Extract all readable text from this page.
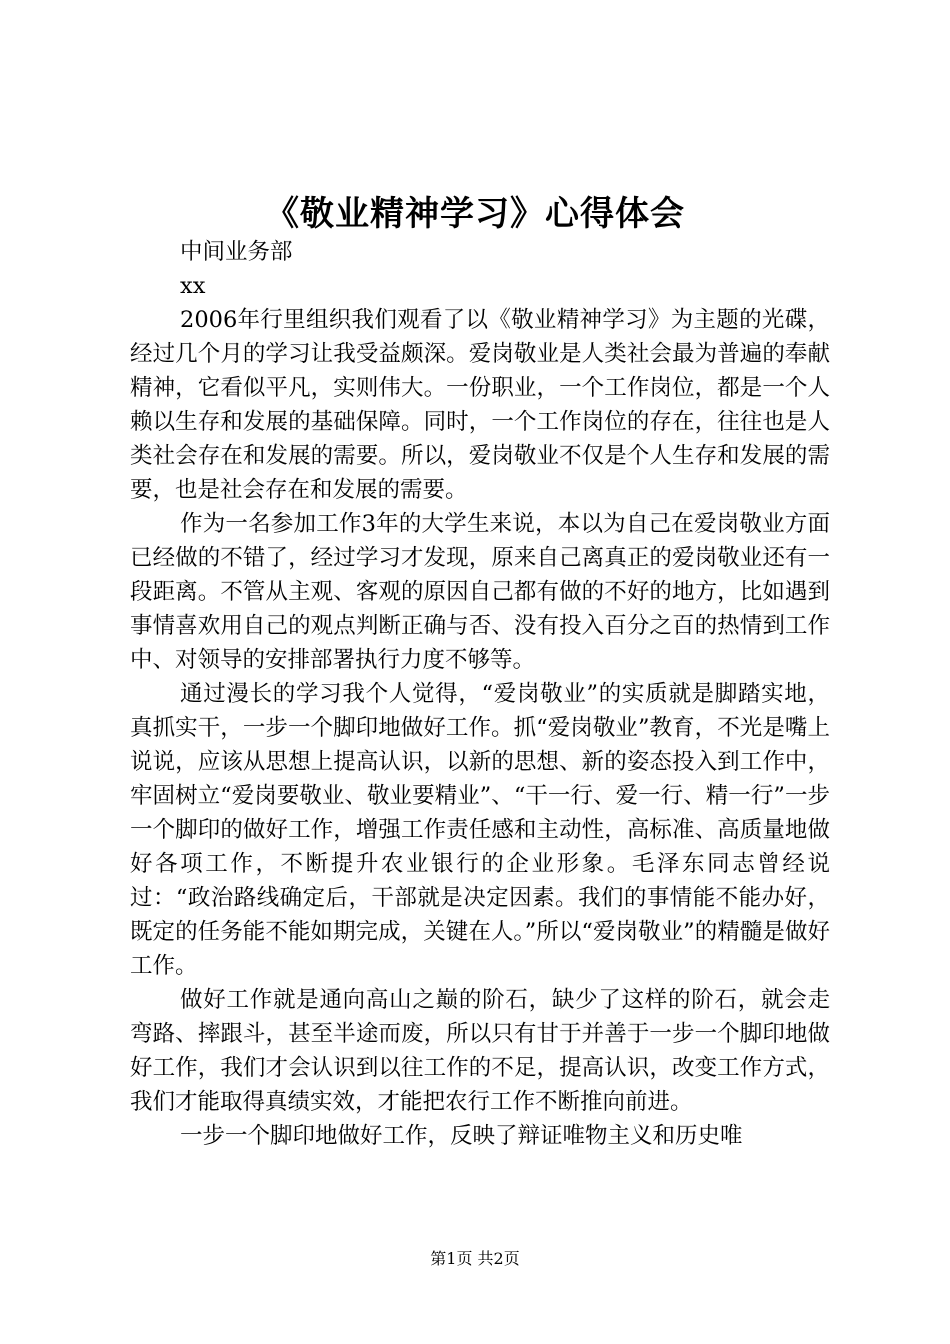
《敬业精神学习》心得体会

中间业务部

xx

2006年行里组织我们观看了以《敬业精神学习》为主题的光碟，经过几个月的学习让我受益颇深。爱岗敬业是人类社会最为普遍的奉献精神，它看似平凡，实则伟大。一份职业，一个工作岗位，都是一个人赖以生存和发展的基础保障。同时，一个工作岗位的存在，往往也是人类社会存在和发展的需要。所以，爱岗敬业不仅是个人生存和发展的需要，也是社会存在和发展的需要。

作为一名参加工作3年的大学生来说，本以为自己在爱岗敬业方面已经做的不错了，经过学习才发现，原来自己离真正的爱岗敬业还有一段距离。不管从主观、客观的原因自己都有做的不好的地方，比如遇到事情喜欢用自己的观点判断正确与否、没有投入百分之百的热情到工作中、对领导的安排部署执行力度不够等。

通过漫长的学习我个人觉得，“爱岗敬业”的实质就是脚踏实地，真抓实干，一步一个脚印地做好工作。抓“爱岗敬业”教育，不光是嘴上说说，应该从思想上提高认识，以新的思想、新的姿态投入到工作中，牢固树立“爱岗要敬业、敬业要精业”、“干一行、爱一行、精一行”一步一个脚印的做好工作，增强工作责任感和主动性，高标准、高质量地做好各项工作，不断提升农业银行的企业形象。毛泽东同志曾经说过：“政治路线确定后，干部就是决定因素。我们的事情能不能办好，既定的任务能不能如期完成，关键在人。”所以“爱岗敬业”的精髓是做好工作。

做好工作就是通向高山之巅的阶石，缺少了这样的阶石，就会走弯路、摔跟斗，甚至半途而废，所以只有甘于并善于一步一个脚印地做好工作，我们才会认识到以往工作的不足，提高认识，改变工作方式，我们才能取得真绩实效，才能把农行工作不断推向前进。

一步一个脚印地做好工作，反映了辩证唯物主义和历史唯

第1页 共2页
